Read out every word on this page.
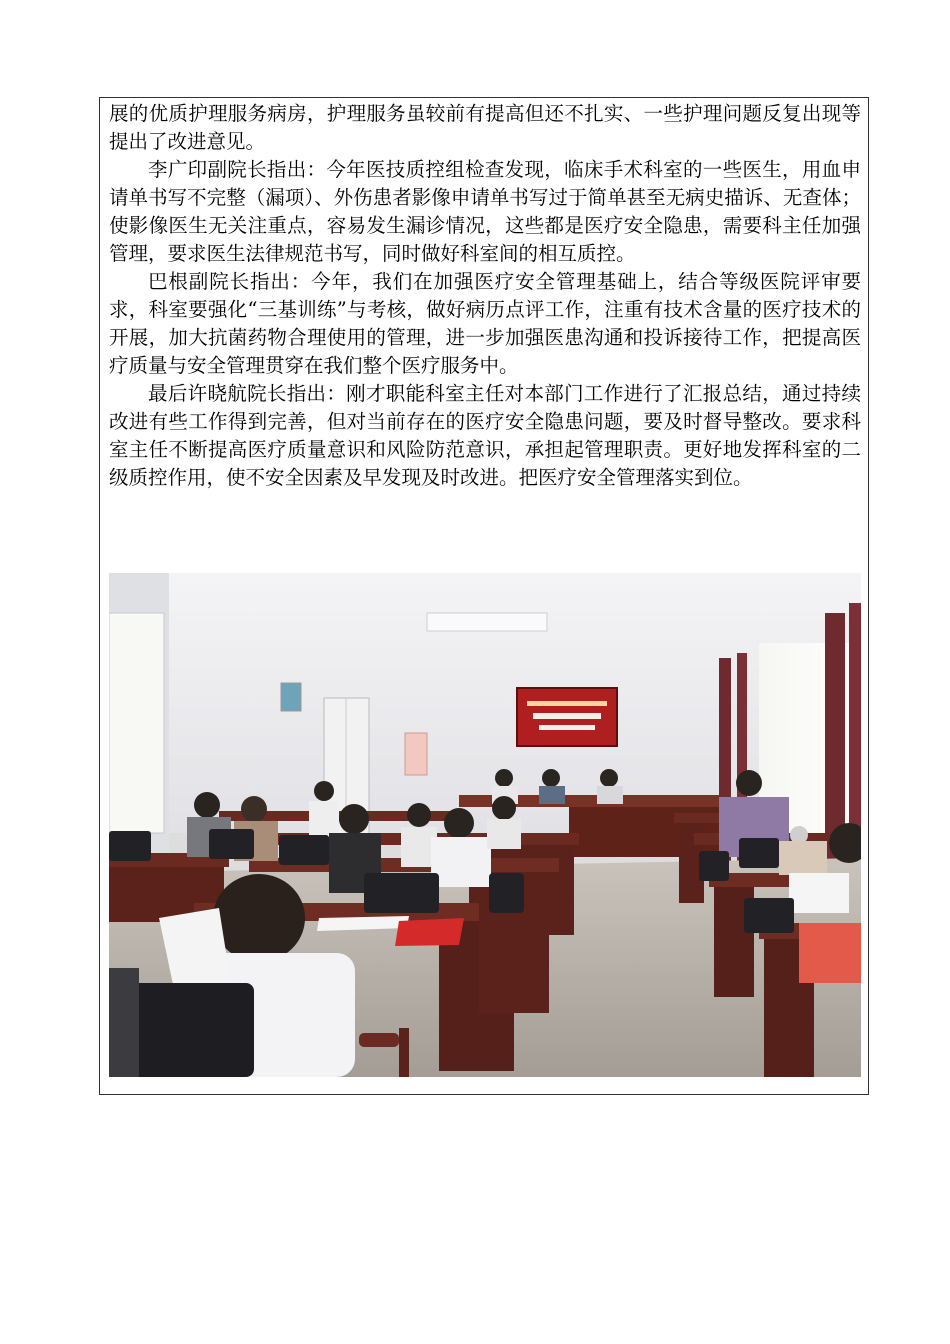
展的优质护理服务病房，护理服务虽较前有提高但还不扎实、一些护理问题反复出现等提出了改进意见。

李广印副院长指出：今年医技质控组检查发现，临床手术科室的一些医生，用血申请单书写不完整（漏项）、外伤患者影像申请单书写过于简单甚至无病史描诉、无查体；使影像医生无关注重点，容易发生漏诊情况，这些都是医疗安全隐患，需要科主任加强管理，要求医生法律规范书写，同时做好科室间的相互质控。

巴根副院长指出：今年，我们在加强医疗安全管理基础上，结合等级医院评审要求，科室要强化“三基训练”与考核，做好病历点评工作，注重有技术含量的医疗技术的开展，加大抗菌药物合理使用的管理，进一步加强医患沟通和投诉接待工作，把提高医疗质量与安全管理贯穿在我们整个医疗服务中。

最后许晓航院长指出：刚才职能科室主任对本部门工作进行了汇报总结，通过持续改进有些工作得到完善，但对当前存在的医疗安全隐患问题，要及时督导整改。要求科室主任不断提高医疗质量意识和风险防范意识，承担起管理职责。更好地发挥科室的二级质控作用，使不安全因素及早发现及时改进。把医疗安全管理落实到位。
